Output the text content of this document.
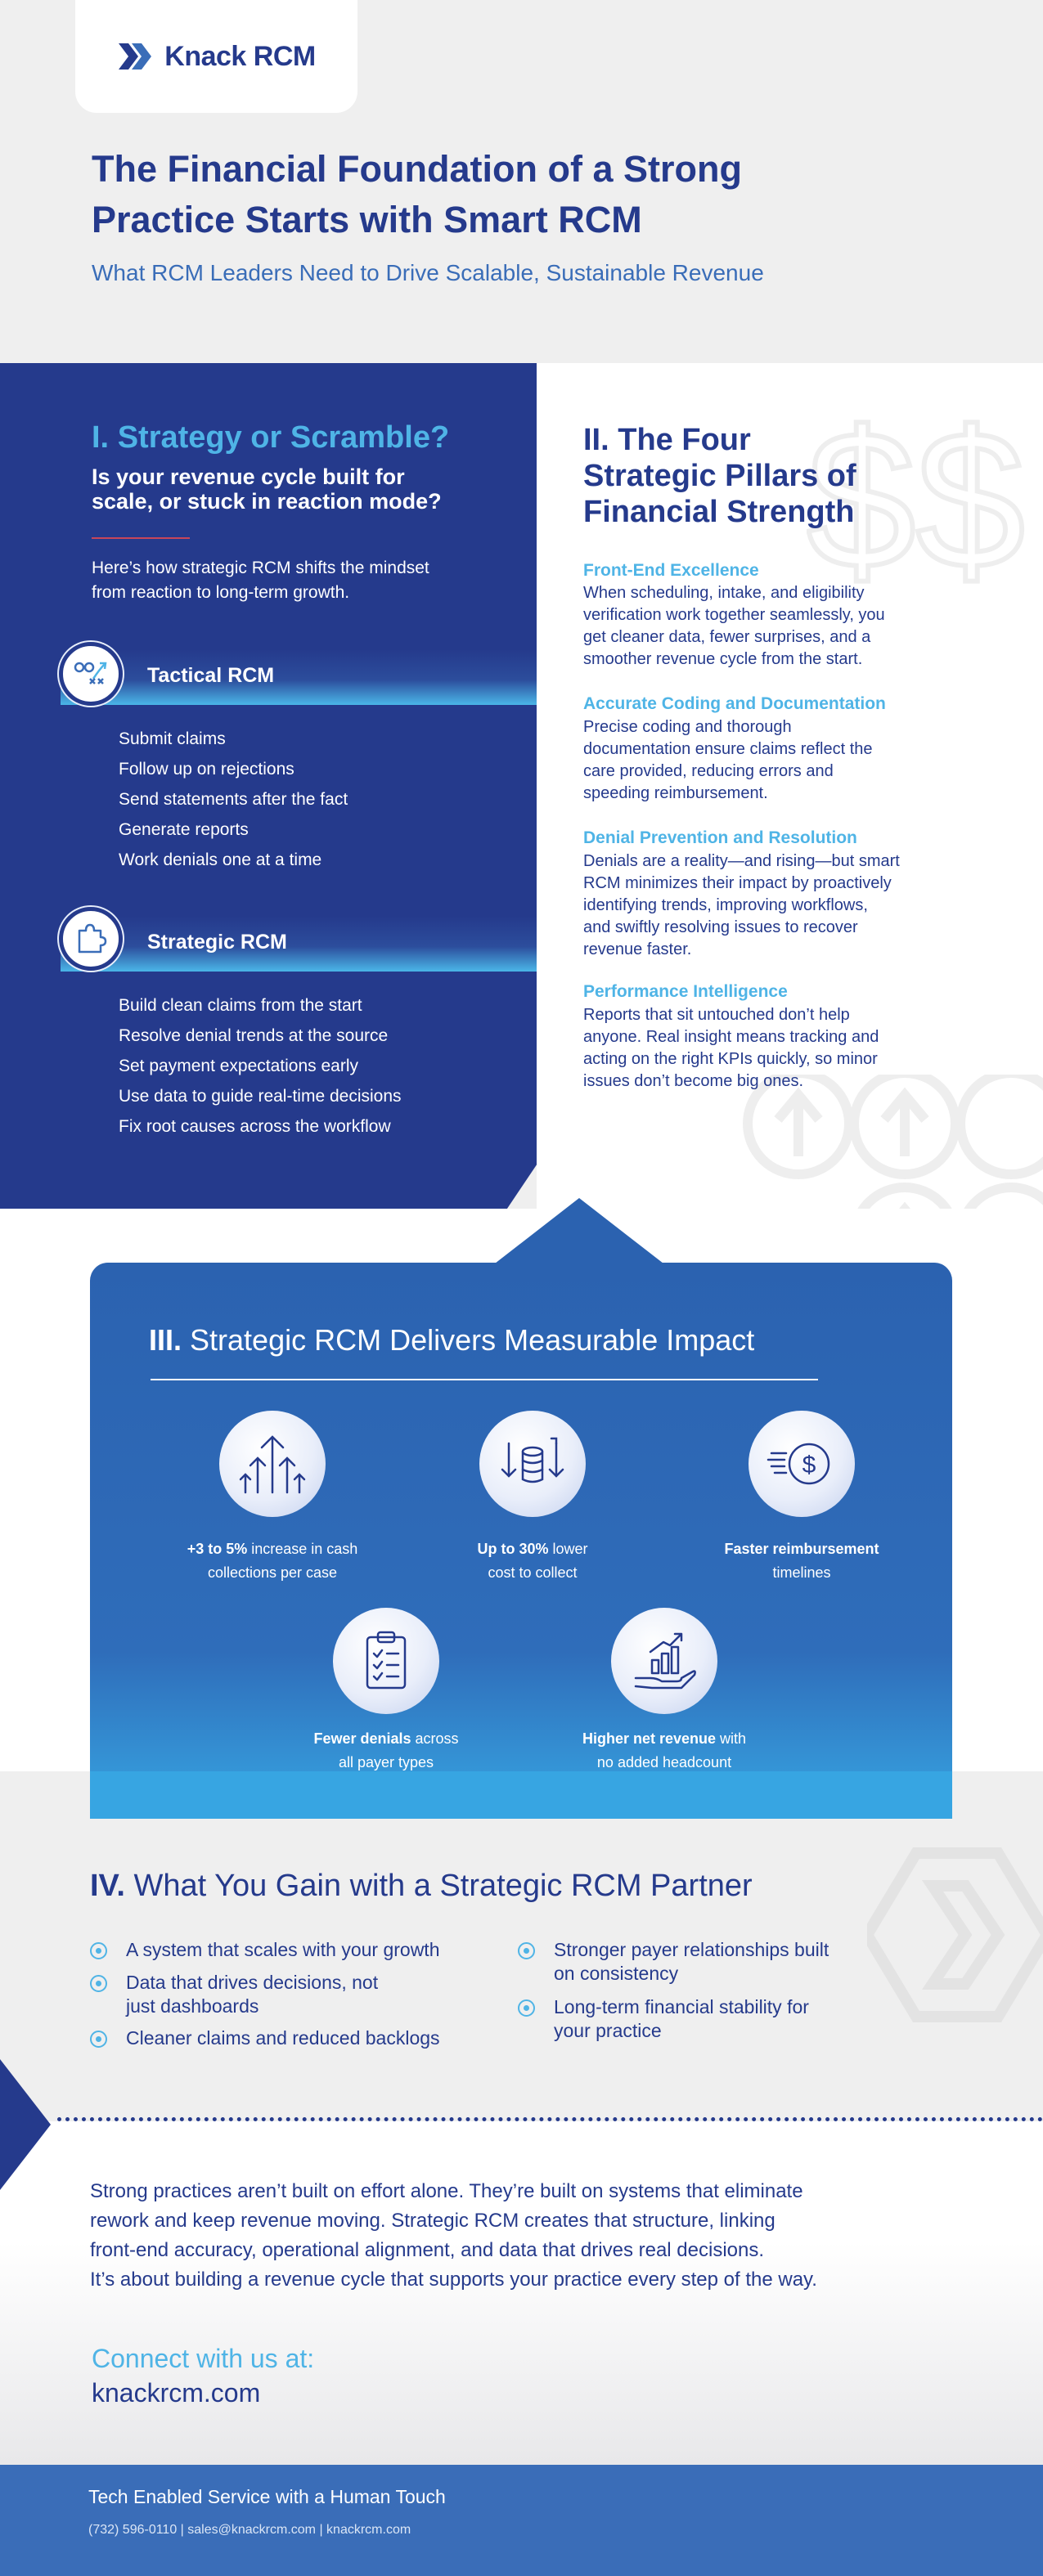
Knack RCM
The Financial Foundation of a Strong
Practice Starts with Smart RCM
What RCM Leaders Need to Drive Scalable, Sustainable Revenue
I. Strategy or Scramble?
Is your revenue cycle built for
scale, or stuck in reaction mode?
Here’s how strategic RCM shifts the mindset
from reaction to long-term growth.
Tactical RCM
Submit claims
Follow up on rejections
Send statements after the fact
Generate reports
Work denials one at a time
Strategic RCM
Build clean claims from the start
Resolve denial trends at the source
Set payment expectations early
Use data to guide real-time decisions
Fix root causes across the workflow
$$
II. The Four
Strategic Pillars of
Financial Strength
Front-End Excellence
When scheduling, intake, and eligibility
verification work together seamlessly, you
get cleaner data, fewer surprises, and a
smoother revenue cycle from the start.
Accurate Coding and Documentation
Precise coding and thorough
documentation ensure claims reflect the
care provided, reducing errors and
speeding reimbursement.
Denial Prevention and Resolution
Denials are a reality—and rising—but smart
RCM minimizes their impact by proactively
identifying trends, improving workflows,
and swiftly resolving issues to recover
revenue faster.
Performance Intelligence
Reports that sit untouched don’t help
anyone. Real insight means tracking and
acting on the right KPIs quickly, so minor
issues don’t become big ones.
III. Strategic RCM Delivers Measurable Impact
+3 to 5% increase in cash
collections per case
Up to 30% lower
cost to collect
$
Faster reimbursement
timelines
Fewer denials across
all payer types
Higher net revenue with
no added headcount
IV. What You Gain with a Strategic RCM Partner
A system that scales with your growth
Data that drives decisions, not
just dashboards
Cleaner claims and reduced backlogs
Stronger payer relationships built
on consistency
Long-term financial stability for
your practice
Strong practices aren’t built on effort alone. They’re built on systems that eliminate
rework and keep revenue moving. Strategic RCM creates that structure, linking
front-end accuracy, operational alignment, and data that drives real decisions.
It’s about building a revenue cycle that supports your practice every step of the way.
Connect with us at:
knackrcm.com
Tech Enabled Service with a Human Touch
(732) 596-0110 | sales@knackrcm.com | knackrcm.com
